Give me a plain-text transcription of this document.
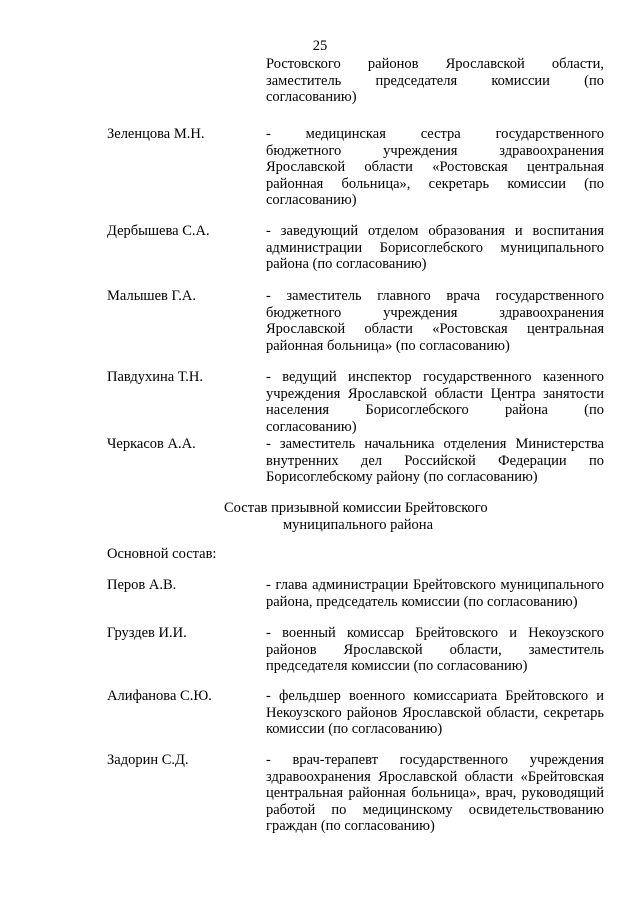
25
Ростовского районов Ярославской области,
заместитель председателя комиссии (по
согласованию)
Зеленцова М.Н.	- медицинская сестра государственного
бюджетного учреждения здравоохранения
Ярославской области «Ростовская центральная
районная больница», секретарь комиссии (по
согласованию)
Дербышева С.А.	- заведующий отделом образования и воспитания
администрации Борисоглебского муниципального
района (по согласованию)
Малышев Г.А.	- заместитель главного врача государственного
бюджетного учреждения здравоохранения
Ярославской области «Ростовская центральная
районная больница» (по согласованию)
Павдухина Т.Н.	- ведущий инспектор государственного казенного
учреждения Ярославской области Центра занятости
населения Борисоглебского района (по
согласованию)
Черкасов А.А.	- заместитель начальника отделения Министерства
внутренних дел Российской Федерации по
Борисоглебскому району (по согласованию)
Состав призывной комиссии Брейтовского
муниципального района
Основной состав:
Перов А.В.	- глава администрации Брейтовского муниципального
района, председатель комиссии (по согласованию)
Груздев И.И.	- военный комиссар Брейтовского и Некоузского
районов Ярославской области, заместитель
председателя комиссии (по согласованию)
Алифанова С.Ю.	- фельдшер военного комиссариата Брейтовского и
Некоузского районов Ярославской области, секретарь
комиссии (по согласованию)
Задорин С.Д.	- врач-терапевт государственного учреждения
здравоохранения Ярославской области «Брейтовская
центральная районная больница», врач, руководящий
работой по медицинскому освидетельствованию
граждан (по согласованию)
